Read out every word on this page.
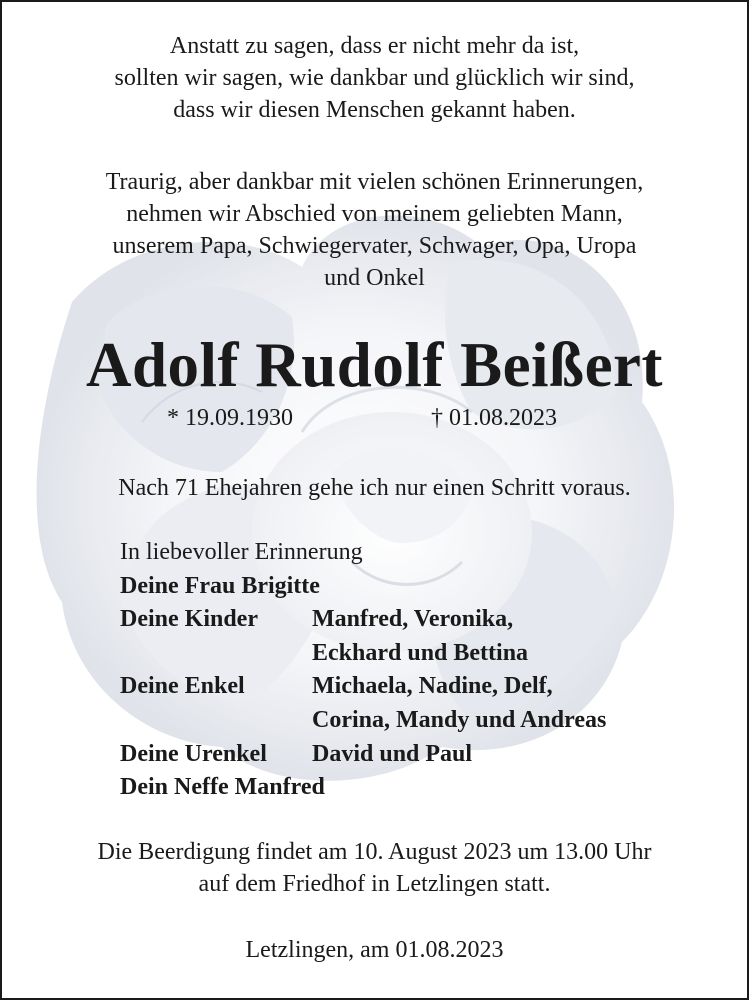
Anstatt zu sagen, dass er nicht mehr da ist,
sollten wir sagen, wie dankbar und glücklich wir sind,
dass wir diesen Menschen gekannt haben.
Traurig, aber dankbar mit vielen schönen Erinnerungen,
nehmen wir Abschied von meinem geliebten Mann,
unserem Papa, Schwiegervater, Schwager, Opa, Uropa
und Onkel
Adolf Rudolf Beißert
* 19.09.1930	† 01.08.2023
Nach 71 Ehejahren gehe ich nur einen Schritt voraus.
In liebevoller Erinnerung
Deine Frau Brigitte
Deine Kinder	Manfred, Veronika,
Eckhard und Bettina
Deine Enkel	Michaela, Nadine, Delf,
Corina, Mandy und Andreas
Deine Urenkel	David und Paul
Dein Neffe Manfred
Die Beerdigung findet am 10. August 2023 um 13.00 Uhr
auf dem Friedhof in Letzlingen statt.
Letzlingen, am 01.08.2023
